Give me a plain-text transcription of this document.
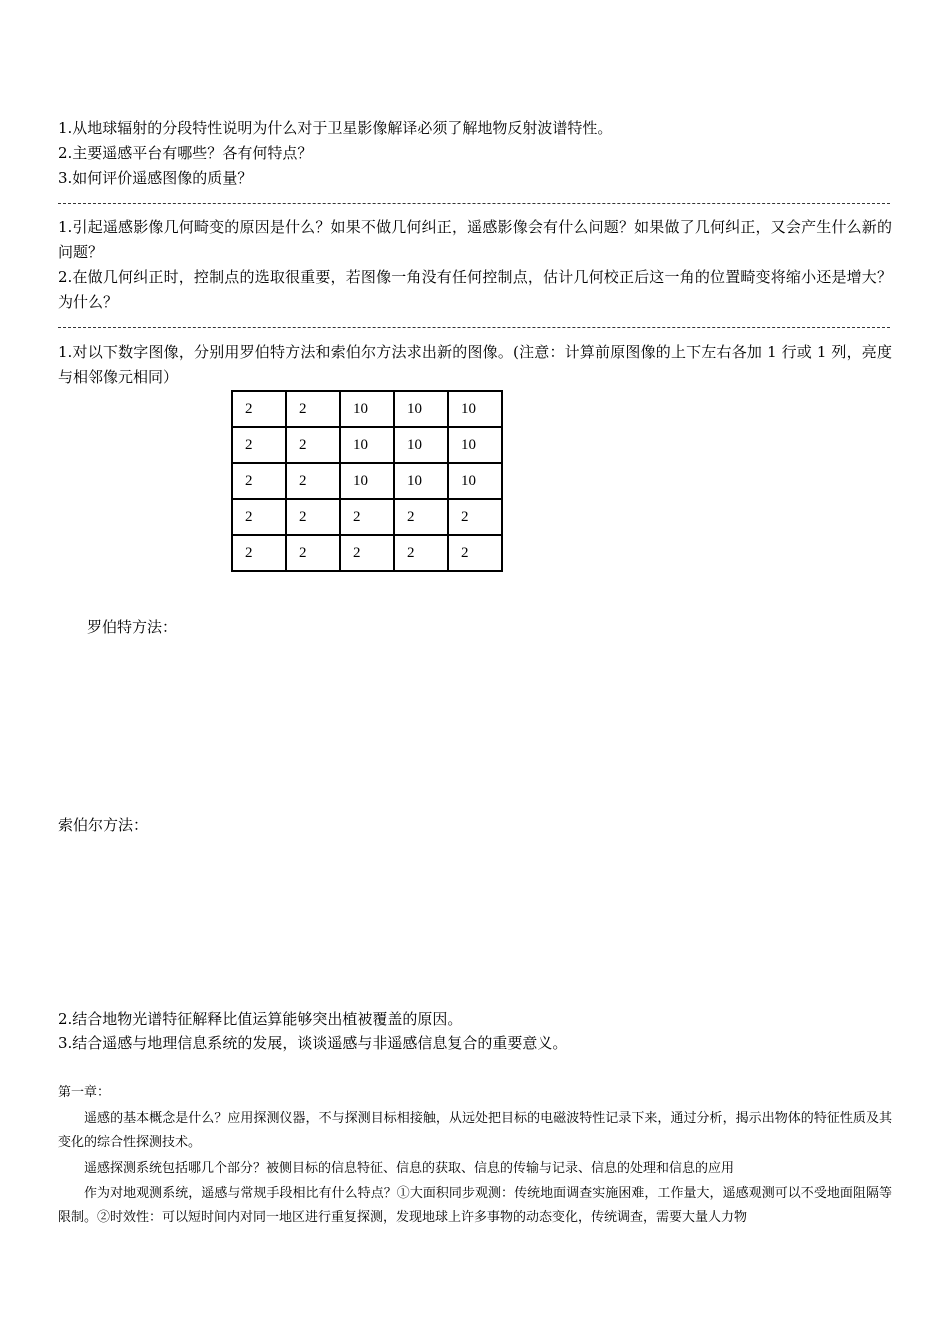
1.从地球辐射的分段特性说明为什么对于卫星影像解译必须了解地物反射波谱特性。
2.主要遥感平台有哪些？各有何特点？
3.如何评价遥感图像的质量？
1.引起遥感影像几何畸变的原因是什么？如果不做几何纠正，遥感影像会有什么问题？如果做了几何纠正，又会产生什么新的问题？
2.在做几何纠正时，控制点的选取很重要，若图像一角没有任何控制点，估计几何校正后这一角的位置畸变将缩小还是增大？为什么？
1.对以下数字图像，分别用罗伯特方法和索伯尔方法求出新的图像。(注意：计算前原图像的上下左右各加 1 行或 1 列，亮度与相邻像元相同）
2	2	10	10	10
2	2	10	10	10
2	2	10	10	10
2	2	2	2	2
2	2	2	2	2
罗伯特方法：
索伯尔方法：
2.结合地物光谱特征解释比值运算能够突出植被覆盖的原因。
3.结合遥感与地理信息系统的发展，谈谈遥感与非遥感信息复合的重要意义。
第一章：
遥感的基本概念是什么？应用探测仪器，不与探测目标相接触，从远处把目标的电磁波特性记录下来，通过分析，揭示出物体的特征性质及其变化的综合性探测技术。
遥感探测系统包括哪几个部分？被侧目标的信息特征、信息的获取、信息的传输与记录、信息的处理和信息的应用
作为对地观测系统，遥感与常规手段相比有什么特点？①大面积同步观测：传统地面调查实施困难，工作量大，遥感观测可以不受地面阻隔等限制。②时效性：可以短时间内对同一地区进行重复探测，发现地球上许多事物的动态变化，传统调查，需要大量人力物
